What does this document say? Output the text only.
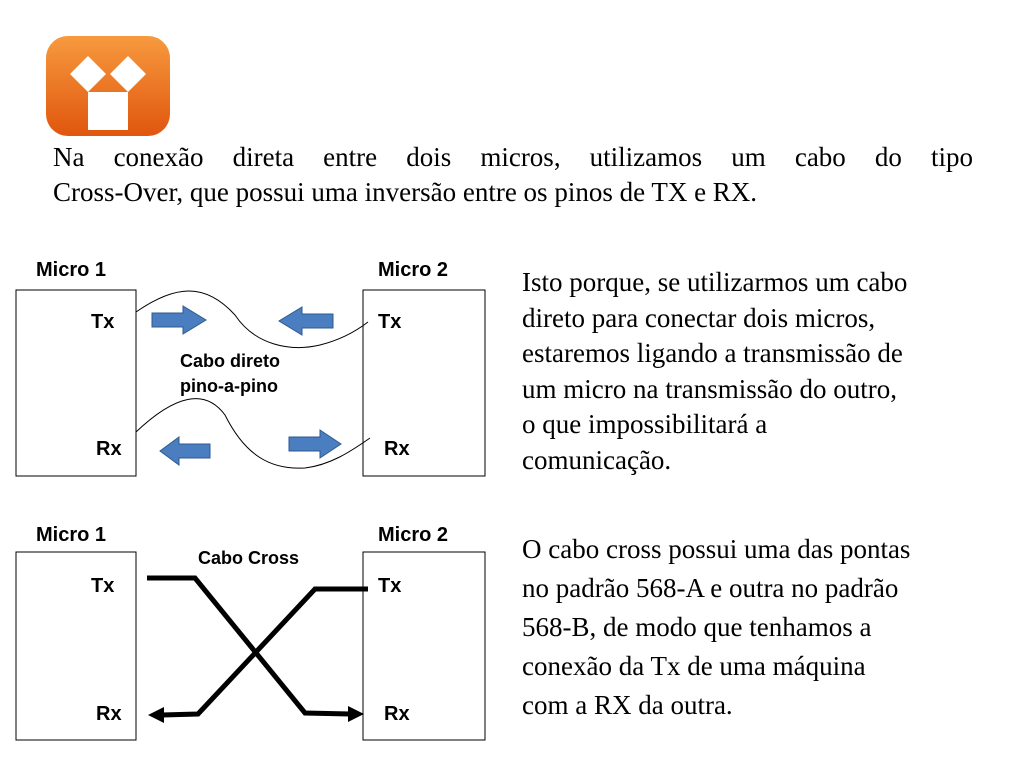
Na conexão direta entre dois micros, utilizamos um cabo do tipo
Cross-Over, que possui uma inversão entre os pinos de TX e RX.
Micro 1	Micro 2
Tx
Rx
Tx
Rx
Cabo direto
pino-a-pino
Micro 1	Micro 2
Cabo Cross
Tx
Rx
Tx
Rx
Isto porque, se utilizarmos um cabo
direto para conectar dois micros,
estaremos ligando a transmissão de
um micro na transmissão do outro,
o que impossibilitará a
comunicação.
O cabo cross possui uma das pontas
no padrão 568-A e outra no padrão
568-B, de modo que tenhamos a
conexão da Tx de uma máquina
com a RX da outra.
